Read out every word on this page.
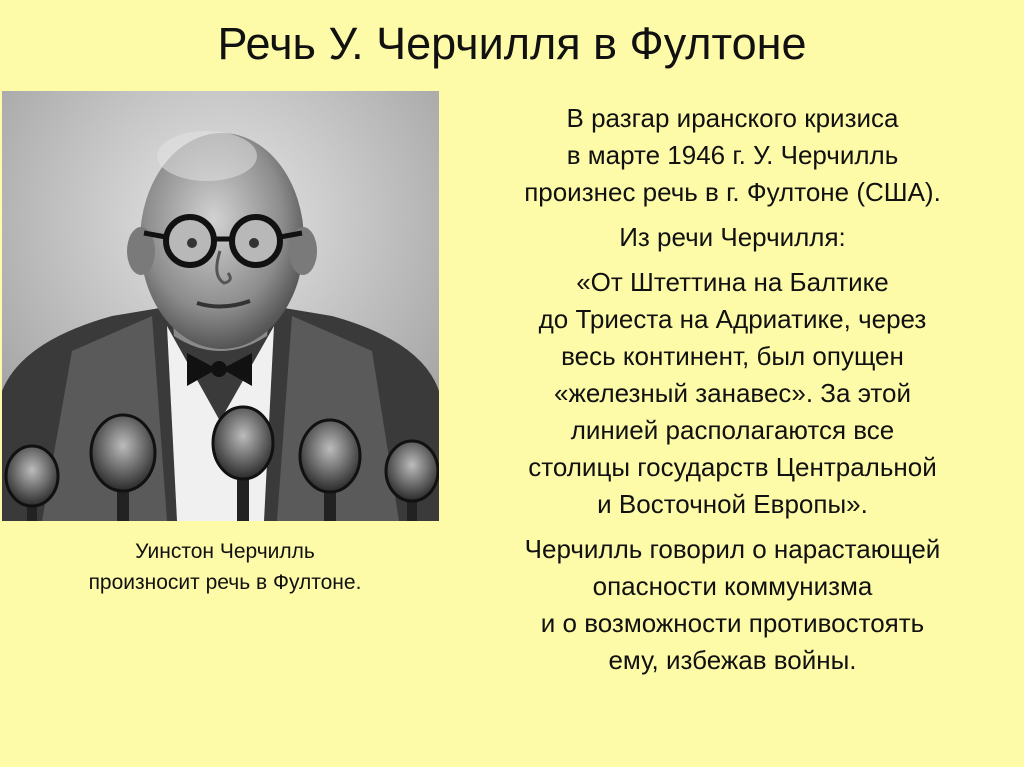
Речь У. Черчилля в Фултоне
Уинстон Черчилль
произносит речь в Фултоне.
В разгар иранского кризиса
в марте 1946 г. У. Черчилль
произнес речь в г. Фултоне (США).
Из речи Черчилля:
«От Штеттина на Балтике
до Триеста на Адриатике, через
весь континент, был опущен
«железный занавес». За этой
линией располагаются все
столицы государств Центральной
и Восточной Европы».
Черчилль говорил о нарастающей
опасности коммунизма
и о возможности противостоять
ему, избежав войны.
